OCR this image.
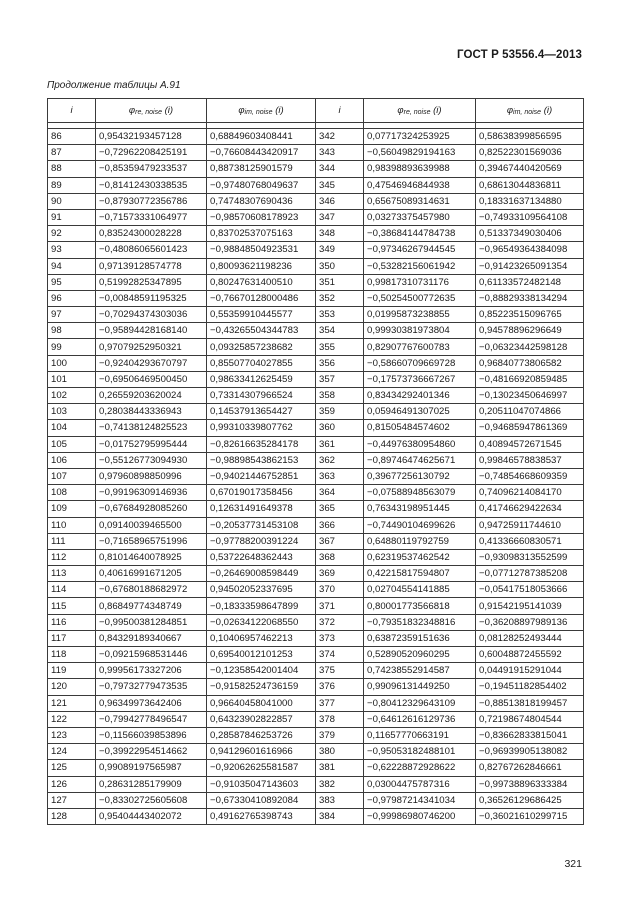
ГОСТ Р 53556.4—2013
Продолжение таблицы А.91
i	$\varphi_{re, noise}$ (i)	$\varphi_{im, noise}$ (i)	i	$\varphi_{re, noise}$ (i)	$\varphi_{im, noise}$ (i)

86	0,95432193457128	0,68849603408441	342	0,07717324253925	0,58638399856595
87	−0,72962208425191	−0,76608443420917	343	−0,56049829194163	0,82522301569036
88	−0,85359479233537	0,88738125901579	344	0,98398893639988	0,39467440420569
89	−0,81412430338535	−0,97480768049637	345	0,47546946844938	0,68613044836811
90	−0,87930772356786	0,74748307690436	346	0,65675089314631	0,18331637134880
91	−0,71573331064977	−0,98570608178923	347	0,03273375457980	−0,74933109564108
92	0,83524300028228	0,83702537075163	348	−0,38684144784738	0,51337349030406
93	−0,48086065601423	−0,98848504923531	349	−0,97346267944545	−0,96549364384098
94	0,97139128574778	0,80093621198236	350	−0,53282156061942	−0,91423265091354
95	0,51992825347895	0,80247631400510	351	0,99817310731176	0,61133572482148
96	−0,00848591195325	−0,76670128000486	352	−0,50254500772635	−0,88829338134294
97	−0,70294374303036	0,55359910445577	353	0,01995873238855	0,85223515096765
98	−0,95894428168140	−0,43265504344783	354	0,99930381973804	0,94578896296649
99	0,97079252950321	0,09325857238682	355	0,82907767600783	−0,06323442598128
100	−0,92404293670797	0,85507704027855	356	−0,58660709669728	0,96840773806582
101	−0,69506469500450	0,98633412625459	357	−0,17573736667267	−0,48166920859485
102	0,26559203620024	0,73314307966524	358	0,83434292401346	−0,13023450646997
103	0,28038443336943	0,14537913654427	359	0,05946491307025	0,20511047074866
104	−0,74138124825523	0,99310339807762	360	0,81505484574602	−0,94685947861369
105	−0,01752795995444	−0,82616635284178	361	−0,44976380954860	0,40894572671545
106	−0,55126773094930	−0,98898543862153	362	−0,89746474625671	0,99846578838537
107	0,97960898850996	−0,94021446752851	363	0,39677256130792	−0,74854668609359
108	−0,99196309146936	0,67019017358456	364	−0,07588948563079	0,74096214084170
109	−0,67684928085260	0,12631491649378	365	0,76343198951445	0,41746629422634
110	0,09140039465500	−0,20537731453108	366	−0,74490104699626	0,94725911744610
111	−0,71658965751996	−0,97788200391224	367	0,64880119792759	0,41336660830571
112	0,81014640078925	0,53722648362443	368	0,62319537462542	−0,93098313552599
113	0,40616991671205	−0,26469008598449	369	0,42215817594807	−0,07712787385208
114	−0,67680188682972	0,94502052337695	370	0,02704554141885	−0,05417518053666
115	0,86849774348749	−0,18333598647899	371	0,80001773566818	0,91542195141039
116	−0,99500381284851	−0,02634122068550	372	−0,79351832348816	−0,36208897989136
117	0,84329189340667	0,10406957462213	373	0,63872359151636	0,08128252493444
118	−0,09215968531446	0,69540012101253	374	0,52890520960295	0,60048872455592
119	0,99956173327206	−0,12358542001404	375	0,74238552914587	0,04491915291044
120	−0,79732779473535	−0,91582524736159	376	0,99096131449250	−0,19451182854402
121	0,96349973642406	0,96640458041000	377	−0,80412329643109	−0,88513818199457
122	−0,79942778496547	0,64323902822857	378	−0,64612616129736	0,72198674804544
123	−0,11566039853896	0,28587846253726	379	0,11657770663191	−0,83662833815041
124	−0,39922954514662	0,94129601616966	380	−0,95053182488101	−0,96939905138082
125	0,99089197565987	−0,92062625581587	381	−0,62228872928622	0,82767262846661
126	0,28631285179909	−0,91035047143603	382	0,03004475787316	−0,99738896333384
127	−0,83302725605608	−0,67330410892084	383	−0,97987214341034	0,36526129686425
128	0,95404443402072	0,49162765398743	384	−0,99986980746200	−0,36021610299715
321
